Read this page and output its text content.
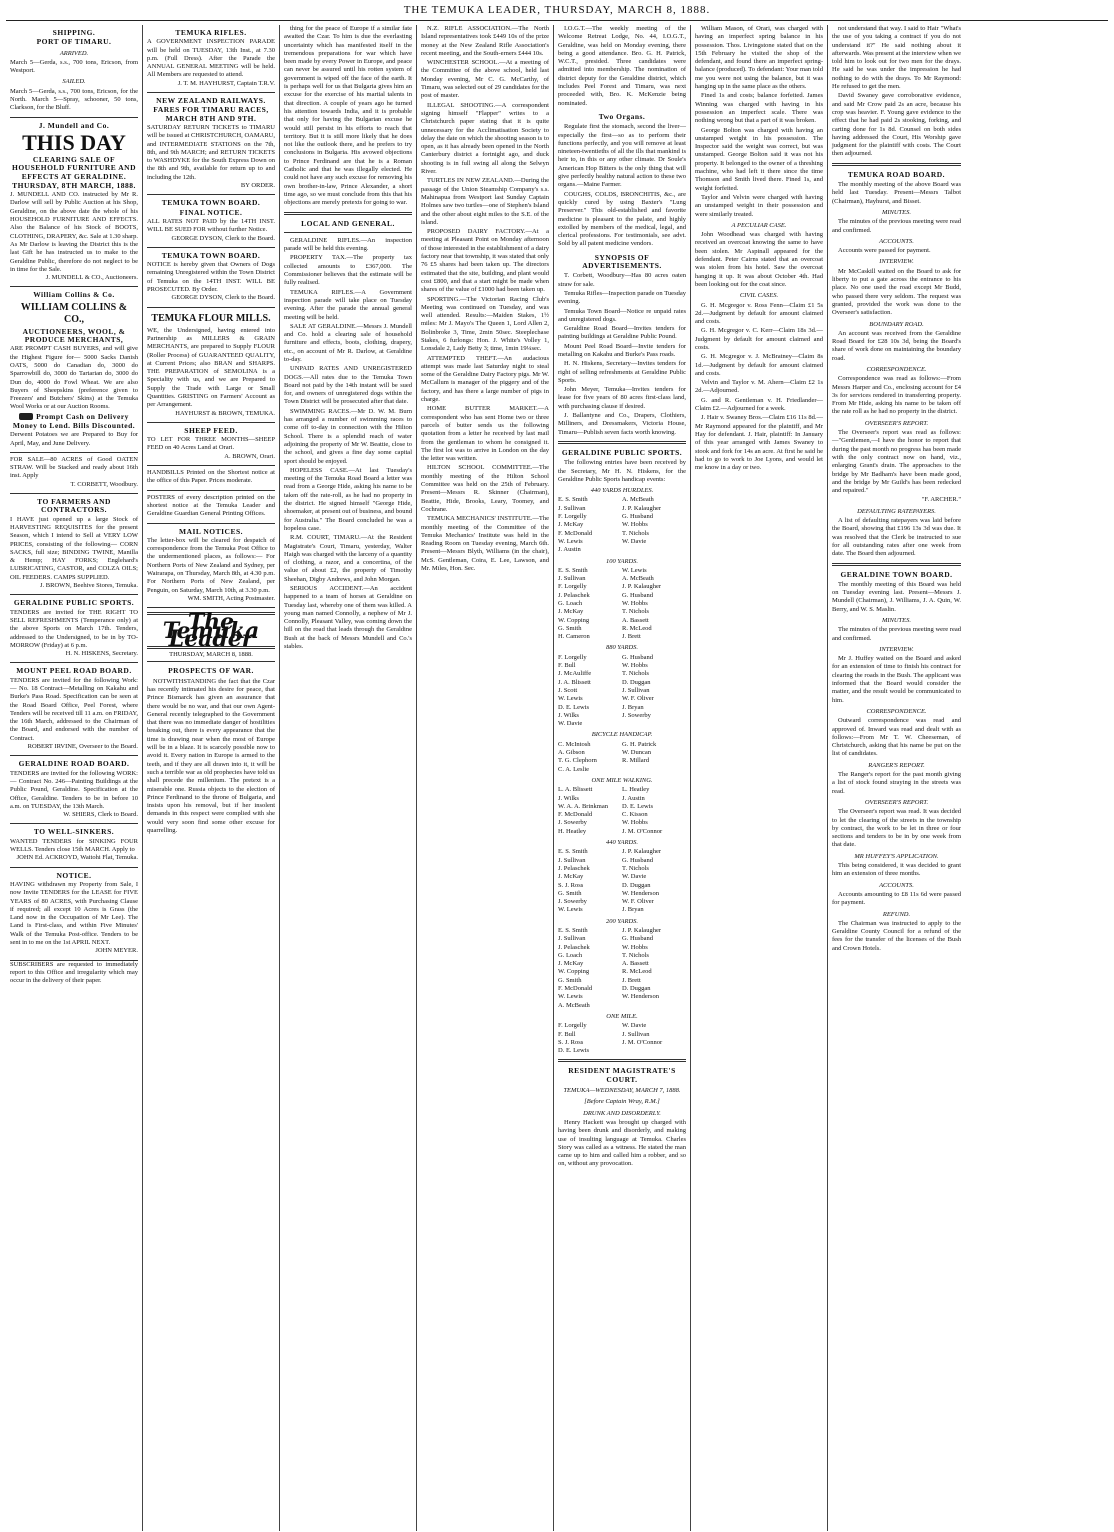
THE TEMUKA LEADER, THURSDAY, MARCH 8, 1888.
SHIPPING.
PORT OF TIMARU.
ARRIVED.

March 5—Gerda, s.s., 700 tons, Ericson, from Westport.

SAILED.

March 5—Gerda, s.s., 700 tons, Ericson, for the North. March 5—Spray, schooner, 50 tons, Clarkson, for the Bluff.

J. Mundell and Co.
THIS DAY
CLEARING SALE OF HOUSEHOLD FURNITURE AND EFFECTS AT GERALDINE.
THURSDAY, 8TH MARCH, 1888.

J. MUNDELL AND CO. instructed by Mr R. Darlow will sell by Public Auction at his Shop, Geraldine, on the above date the whole of his HOUSEHOLD FURNITURE AND EFFECTS. Also the Balance of his Stock of BOOTS, CLOTHING, DRAPERY, &c. Sale at 1.30 sharp. As Mr Darlow is leaving the District this is the last Gift he has instructed us to make to the Geraldine Public, therefore do not neglect to be in time for the Sale.

J. MUNDELL & CO., Auctioneers.
William Collins & Co.
WILLIAM COLLINS & CO.,
AUCTIONEERS, WOOL, & PRODUCE MERCHANTS,

ARE PROMPT CASH BUYERS, and will give the Highest Figure for— 5000 Sacks Danish OATS, 5000 do Canadian do, 3000 do Sparrowbill do, 3000 do Tartarian do, 3000 do Dun do, 4000 do Fowl Wheat. We are also Buyers of Sheepskins (preference given to Freezers' and Butchers' Skins) at the Temuka Wool Works or at our Auction Rooms.

Prompt Cash on Delivery
Money to Lend. Bills Discounted.

Derwent Potatoes we are Prepared to Buy for April, May, and June Delivery.

FOR SALE—80 ACRES of Good OATEN STRAW. Will be Stacked and ready about 16th inst. Apply

T. CORBETT, Woodbury.
TO FARMERS AND CONTRACTORS.

I HAVE just opened up a large Stock of HARVESTING REQUISITES for the present Season, which I intend to Sell at VERY LOW PRICES, consisting of the following— CORN SACKS, full size; BINDING TWINE, Manilla & Hemp; HAY FORKS; Englehard's LUBRICATING, CASTOR, and COLZA OILS; OIL FEEDERS. CAMPS SUPPLIED.

J. BROWN, Beehive Stores, Temuka.
GERALDINE PUBLIC SPORTS.

TENDERS are invited for THE RIGHT TO SELL REFRESHMENTS (Temperance only) at the above Sports on March 17th. Tenders, addressed to the Undersigned, to be in by TO-MORROW (Friday) at 6 p.m.

H. N. HISKENS, Secretary.
MOUNT PEEL ROAD BOARD.

TENDERS are invited for the following Work:— No. 18 Contract—Metalling on Kakahu and Burke's Pass Road. Specification can be seen at the Road Board Office, Peel Forest, where Tenders will be received till 11 a.m. on FRIDAY, the 16th March, addressed to the Chairman of the Board, and endorsed with the number of Contract.

ROBERT IRVINE, Overseer to the Board.
GERALDINE ROAD BOARD.

TENDERS are invited for the following WORK:— Contract No. 246—Painting Buildings at the Public Pound, Geraldine. Specification at the Office, Geraldine. Tenders to be in before 10 a.m. on TUESDAY, the 13th March.

W. SHIERS, Clerk to Board.
TO WELL-SINKERS.

WANTED TENDERS for SINKING FOUR WELLS. Tenders close 15th MARCH. Apply to

JOHN Ed. ACKROYD, Waitohi Flat, Temuka.
NOTICE.

HAVING withdrawn my Property from Sale, I now Invite TENDERS for the LEASE for FIVE YEARS of 80 ACRES, with Purchasing Clause if required; all except 10 Acres is Grass (the Land now in the Occupation of Mr Lee). The Land is First-class, and within Five Minutes' Walk of the Temuka Post-office. Tenders to be sent in to me on the 1st APRIL NEXT.

JOHN MEYER.

SUBSCRIBERS are requested to immediately report to this Office and irregularity which may occur in the delivery of their paper.

TEMUKA RIFLES.

A GOVERNMENT INSPECTION PARADE will be held on TUESDAY, 13th Inst., at 7.30 p.m. (Full Dress). After the Parade the ANNUAL GENERAL MEETING will be held. All Members are requested to attend.

J. T. M. HAYHURST, Captain T.R.V.
NEW ZEALAND RAILWAYS.
FARES FOR TIMARU RACES, MARCH 8TH AND 9TH.

SATURDAY RETURN TICKETS to TIMARU will be issued at CHRISTCHURCH, OAMARU, and INTERMEDIATE STATIONS on the 7th, 8th, and 9th MARCH; and RETURN TICKETS to WASHDYKE for the South Express Down on the 8th and 9th, available for return up to and including the 12th.

BY ORDER.
TEMUKA TOWN BOARD.
FINAL NOTICE.

ALL RATES NOT PAID by the 14TH INST. WILL BE SUED FOR without further Notice.

GEORGE DYSON, Clerk to the Board.
TEMUKA TOWN BOARD.

NOTICE is hereby given that Owners of Dogs remaining Unregistered within the Town District of Temuka on the 14TH INST. WILL BE PROSECUTED. By Order.

GEORGE DYSON, Clerk to the Board.
TEMUKA FLOUR MILLS.

WE, the Undersigned, having entered into Partnership as MILLERS & GRAIN MERCHANTS, are prepared to Supply FLOUR (Roller Process) of GUARANTEED QUALITY, at Current Prices; also BRAN and SHARPS. THE PREPARATION of SEMOLINA is a Speciality with us, and we are Prepared to Supply the Trade with Large or Small Quantities. GRISTING on Farmers' Account as per Arrangement.

HAYHURST & BROWN, TEMUKA.
SHEEP FEED.

TO LET FOR THREE MONTHS—SHEEP FEED on 40 Acres Land at Orari.

A. BROWN, Orari.

HANDBILLS Printed on the Shortest notice at the office of this Paper. Prices moderate.

POSTERS of every description printed on the shortest notice at the Temuka Leader and Geraldine Guardian General Printing Offices.

MAIL NOTICES.

The letter-box will be cleared for despatch of correspondence from the Temuka Post Office to the undermentioned places, as follows:— For Northern Ports of New Zealand and Sydney, per Wairarapa, on Thursday, March 8th, at 4.30 p.m. For Northern Ports of New Zealand, per Penguin, on Saturday, March 10th, at 3.30 p.m.

WM. SMITH, Acting Postmaster.
The Temuka Leader
THURSDAY, MARCH 8, 1888.
PROSPECTS OF WAR.

NOTWITHSTANDING the fact that the Czar has recently intimated his desire for peace, that Prince Bismarck has given an assurance that there would be no war, and that our own Agent-General recently telegraphed to the Government that there was no immediate danger of hostilities breaking out, there is every appearance that the time is drawing near when the most of Europe will be in a blaze. It is scarcely possible now to avoid it. Every nation in Europe is armed to the teeth, and if they are all drawn into it, it will be such a terrible war as old prophecies have told us shall precede the millenium. The pretext is a miserable one. Russia objects to the election of Prince Ferdinand to the throne of Bulgaria, and insists upon his removal, but if her insolent demands in this respect were complied with she would very soon find some other excuse for quarrelling.

thing for the peace of Europe if a similar fate awaited the Czar. To him is due the everlasting uncertainty which has manifested itself in the tremendous preparations for war which have been made by every Power in Europe, and peace can never be assured until his rotten system of government is wiped off the face of the earth. It is perhaps well for us that Bulgaria gives him an excuse for the exercise of his martial talents in that direction. A couple of years ago he turned his attention towards India, and it is probable that only for having the Bulgarian excuse he would still persist in his efforts to reach that territory. But it is still more likely that he does not like the outlook there, and he prefers to try conclusions in Bulgaria. His avowed objections to Prince Ferdinand are that he is a Roman Catholic and that he was illegally elected. He could not have any such excuse for removing his own brother-in-law, Prince Alexander, a short time ago, so we must conclude from this that his objections are merely pretexts for going to war.

LOCAL AND GENERAL.

GERALDINE RIFLES.—An inspection parade will be held this evening.

PROPERTY TAX.—The property tax collected amounts to £367,000. The Commissioner believes that the estimate will be fully realised.

TEMUKA RIFLES.—A Government inspection parade will take place on Tuesday evening. After the parade the annual general meeting will be held.

SALE AT GERALDINE.—Messrs J. Mundell and Co. hold a clearing sale of household furniture and effects, boots, clothing, drapery, etc., on account of Mr R. Darlow, at Geraldine to-day.

UNPAID RATES AND UNREGISTERED DOGS.—All rates due to the Temuka Town Board not paid by the 14th instant will be sued for, and owners of unregistered dogs within the Town District will be prosecuted after that date.

SWIMMING RACES.—Mr D. W. M. Burn has arranged a number of swimming races to come off to-day in connection with the Hilton School. There is a splendid reach of water adjoining the property of Mr W. Beattie, close to the school, and gives a fine day some capital sport should be enjoyed.

HOPELESS CASE.—At last Tuesday's meeting of the Temuka Road Board a letter was read from a George Hide, asking his name to be taken off the rate-roll, as he had no property in the district. He signed himself "George Hide, shoemaker, at present out of business, and bound for Australia." The Board concluded he was a hopeless case.

R.M. COURT, TIMARU.—At the Resident Magistrate's Court, Timaru, yesterday, Walter Haigh was charged with the larceny of a quantity of clothing, a razor, and a concertina, of the value of about £2, the property of Timothy Sheehan, Digby Andrews, and John Morgan.

SERIOUS ACCIDENT.—An accident happened to a team of horses at Geraldine on Tuesday last, whereby one of them was killed. A young man named Connolly, a nephew of Mr J. Connolly, Pleasant Valley, was coming down the hill on the road that leads through the Geraldine Bush at the back of Messrs Mundell and Co.'s stables.

N.Z. RIFLE ASSOCIATION.—The North Island representatives took £449 10s of the prize money at the New Zealand Rifle Association's recent meeting, and the South-erners £444 10s.

WINCHESTER SCHOOL.—At a meeting of the Committee of the above school, held last Monday evening, Mr C. G. McCarthy, of Timaru, was selected out of 29 candidates for the post of master.

ILLEGAL SHOOTING.—A correspondent signing himself "Flapper" writes to a Christchurch paper stating that it is quite unnecessary for the Acclimatisation Society to delay the date on which the shooting season is to open, as it has already been opened in the North Canterbury district a fortnight ago, and duck shooting is in full swing all along the Selwyn River.

TURTLES IN NEW ZEALAND.—During the passage of the Union Steamship Company's s.s. Mahinapua from Westport last Sunday Captain Holmes saw two turtles—one of Stephen's Island and the other about eight miles to the S.E. of the island.

PROPOSED DAIRY FACTORY.—At a meeting at Pleasant Point on Monday afternoon of those interested in the establishment of a dairy factory near that township, it was stated that only 76 £5 shares had been taken up. The directors estimated that the site, building, and plant would cost £800, and that a start might be made when shares of the value of £1000 had been taken up.

SPORTING.—The Victorian Racing Club's Meeting was continued on Tuesday, and was well attended. Results:—Maiden Stakes, 1½ miles: Mr J. Mayo's The Queen 1, Lord Allen 2, Bolinbroke 3, Time, 2min 50sec. Steeplechase Stakes, 6 furlongs: Hon. J. White's Volley 1, Lonsdale 2, Lady Betty 3; time, 1min 19¼sec.

ATTEMPTED THEFT.—An audacious attempt was made last Saturday night to steal some of the Geraldine Dairy Factory pigs. Mr W. McCallum is manager of the piggery and of the factory, and has there a large number of pigs in charge.

HOME BUTTER MARKET.—A correspondent who has sent Home two or three parcels of butter sends us the following quotation from a letter he received by last mail from the gentleman to whom he consigned it. The first lot was to arrive in London on the day the letter was written.

HILTON SCHOOL COMMITTEE.—The monthly meeting of the Hilton School Committee was held on the 25th of February. Present—Messrs R. Skinner (Chairman), Beattie, Hide, Brooks, Leary, Toomey, and Cochrane.

TEMUKA MECHANICS' INSTITUTE.—The monthly meeting of the Committee of the Temuka Mechanics' Institute was held in the Reading Room on Tuesday evening, March 6th. Present—Messrs Blyth, Williams (in the chair), McS. Gentleman, Coira, E. Lee, Lawson, and Mr. Miles, Hon. Sec.

I.O.G.T.—The weekly meeting of the Welcome Retreat Lodge, No. 44, I.O.G.T., Geraldine, was held on Monday evening, there being a good attendance. Bro. G. H. Patrick, W.C.T., presided. Three candidates were admitted into membership. The nomination of district deputy for the Geraldine district, which includes Peel Forest and Timaru, was next proceeded with, Bro. K. McKenzie being nominated.

Two Organs.

Regulate first the stomach, second the liver—especially the first—so as to perform their functions perfectly, and you will remove at least nineteen-twentieths of all the ills that mankind is heir to, in this or any other climate. Dr Soule's American Hop Bitters is the only thing that will give perfectly healthy natural action to these two organs.—Maine Farmer.

COUGHS, COLDS, BRONCHITIS, &c., are quickly cured by using Baxter's "Lung Preserver." This old-established and favorite medicine is pleasant to the palate, and highly extolled by members of the medical, legal, and clerical professions. For testimonials, see advt. Sold by all patent medicine vendors.

SYNOPSIS OF ADVERTISEMENTS.

T. Corbett, Woodbury—Has 80 acres oaten straw for sale.

Temuka Rifles—Inspection parade on Tuesday evening.

Temuka Town Board—Notice re unpaid rates and unregistered dogs.

Geraldine Road Board—Invites tenders for painting buildings at Geraldine Public Pound.

Mount Peel Road Board—Invite tenders for metalling on Kakahu and Burke's Pass roads.

H. N. Hiskens, Secretary—Invites tenders for right of selling refreshments at Geraldine Public Sports.

John Meyer, Temuka—Invites tenders for lease for five years of 80 acres first-class land, with purchasing clause if desired.

J. Ballantyne and Co., Drapers, Clothiers, Milliners, and Dressmakers, Victoria House, Timaru—Publish seven facts worth knowing.

GERALDINE PUBLIC SPORTS.

The following entries have been received by the Secretary, Mr H. N. Hiskens, for the Geraldine Public Sports handicap events:

440 YARDS HURDLES.
E. S. Smith
J. Sullivan
F. Lorgelly
J. McKay
F. McDonald
W. Lewis
J. Austin
A. McBeath
J. P. Kalaugher
G. Husband
W. Hobbs
T. Nichols
W. Davie
100 YARDS.
E. S. Smith
J. Sullivan
F. Lorgelly
J. Pelaschek
G. Loach
J. McKay
W. Copping
G. Smith
H. Cameron
W. Lewis
A. McBeath
J. P. Kalaugher
G. Husband
W. Hobbs
T. Nichols
A. Bassett
R. McLeod
J. Brett
880 YARDS.
F. Lorgelly
F. Bull
J. McAuliffe
J. A. Blissett
J. Scott
W. Lewis
D. E. Lewis
J. Wilks
W. Davie
G. Husband
W. Hobbs
T. Nichols
D. Duggan
J. Sullivan
W. F. Oliver
J. Bryan
J. Sowerby
BICYCLE HANDICAP.
C. McIntosh
A. Gibson
T. G. Clephorn
C. A. Leslie
G. H. Patrick
W. Duncan
R. Millard
ONE MILE WALKING.
L. A. Blissett
J. Wilks
W. A. A. Brinkman
F. McDonald
J. Sowerby
H. Heatley
L. Heatley
J. Austin
D. E. Lewis
C. Kisson
W. Hobbs
J. M. O'Connor
440 YARDS.
E. S. Smith
J. Sullivan
J. Pelaschek
J. McKay
S. J. Ross
G. Smith
J. Sowerby
W. Lewis
J. P. Kalaugher
G. Husband
T. Nichols
W. Davie
D. Duggan
W. Henderson
W. F. Oliver
J. Bryan
200 YARDS.
E. S. Smith
J. Sullivan
J. Pelaschek
G. Loach
J. McKay
W. Copping
G. Smith
F. McDonald
W. Lewis
A. McBeath
J. P. Kalaugher
G. Husband
W. Hobbs
T. Nichols
A. Bassett
R. McLeod
J. Brett
D. Duggan
W. Henderson
ONE MILE.
F. Lorgelly
F. Bull
S. J. Ross
D. E. Lewis
W. Davie
J. Sullivan
J. M. O'Connor
RESIDENT MAGISTRATE'S COURT.
TEMUKA—WEDNESDAY, MARCH 7, 1888.
[Before Captain Wray, R.M.]
DRUNK AND DISORDERLY.

Henry Hackett was brought up charged with having been drunk and disorderly, and making use of insulting language at Temuka. Charles Story was called as a witness. He stated the man came up to him and called him a robber, and so on, without any provocation.

William Mason, of Orari, was charged with having an imperfect spring balance in his possession. Thos. Livingstone stated that on the 15th February he visited the shop of the defendant, and found there an imperfect spring-balance (produced). To defendant: Your man told me you were not using the balance, but it was hanging up in the same place as the others.

Fined 1s and costs; balance forfeited. James Winning was charged with having in his possession an imperfect scale. There was nothing wrong but that a part of it was broken.

George Bolton was charged with having an unstamped weight in his possession. The Inspector said the weight was correct, but was unstamped. George Bolton said it was not his property. It belonged to the owner of a threshing machine, who had left it there since the time Thomson and Smith lived there. Fined 1s, and weight forfeited.

Taylor and Velvin were charged with having an unstamped weight in their possession and were similarly treated.

A PECULIAR CASE.

John Woodhead was charged with having received an overcoat knowing the same to have been stolen. Mr Aspinall appeared for the defendant. Peter Cairns stated that an overcoat was stolen from his hotel. Saw the overcoat hanging it up. It was about October 4th. Had been looking out for the coat since.

CIVIL CASES.

G. H. Mcgregor v. Ross Fenn—Claim £1 5s 2d.—Judgment by default for amount claimed and costs.

G. H. Mcgregor v. C. Kerr—Claim 18s 3d.—Judgment by default for amount claimed and costs.

G. H. Mcgregor v. J. McBratney—Claim 8s 1d.—Judgment by default for amount claimed and costs.

Velvin and Taylor v. M. Ahern—Claim £2 1s 2d.—Adjourned.

G. and R. Gentleman v. H. Friedlander—Claim £2.—Adjourned for a week.

J. Hair v. Swaney Bros.—Claim £16 11s 8d.—Mr Raymond appeared for the plaintiff, and Mr Hay for defendant. J. Hair, plaintiff: In January of this year arranged with James Swaney to stook and fork for 14s an acre. At first he said he had to go to work to Joe Lyons, and would let me know in a day or two.

not understand that way. I said to Hair "What's the use of you taking a contract if you do not understand it?" He said nothing about it afterwards. Was present at the interview when we told him to look out for two men for the drays. He said he was under the impression he had nothing to do with the drays. To Mr Raymond: He refused to get the men.

David Swaney gave corroborative evidence, and said Mr Crow paid 2s an acre, because his crop was heavier. F. Young gave evidence to the effect that he had paid 2s stooking, forking, and carting done for 1s 8d. Counsel on both sides having addressed the Court, His Worship gave judgment for the plaintiff with costs. The Court then adjourned.

TEMUKA ROAD BOARD.

The monthly meeting of the above Board was held last Tuesday. Present—Messrs Talbot (Chairman), Hayhurst, and Bisset.

MINUTES.

The minutes of the previous meeting were read and confirmed.

ACCOUNTS.

Accounts were passed for payment.

INTERVIEW.

Mr McCaskill waited on the Board to ask for liberty to put a gate across the entrance to his place. No one used the road except Mr Budd, who passed there very seldom. The request was granted, provided the work was done to the Overseer's satisfaction.

BOUNDARY ROAD.

An account was received from the Geraldine Road Board for £28 10s 3d, being the Board's share of work done on maintaining the boundary road.

CORRESPONDENCE.

Correspondence was read as follows:—From Messrs Harper and Co., enclosing account for £4 3s for services rendered in transferring property. From Mr Hide, asking his name to be taken off the rate roll as he had no property in the district.

OVERSEER'S REPORT.

The Overseer's report was read as follows:—"Gentlemen,—I have the honor to report that during the past month no progress has been made with the only contract now on hand, viz., enlarging Grant's drain. The approaches to the bridge by Mr Badham's have been made good, and the bridge by Mr Guild's has been redecked and repaired."

"F. ARCHER."
DEFAULTING RATEPAYERS.

A list of defaulting ratepayers was laid before the Board, showing that £196 13s 3d was due. It was resolved that the Clerk be instructed to sue for all outstanding rates after one week from date. The Board then adjourned.

GERALDINE TOWN BOARD.

The monthly meeting of this Board was held on Tuesday evening last. Present—Messrs J. Mundell (Chairman), J. Williams, J. A. Quin, W. Berry, and W. S. Maslin.

MINUTES.

The minutes of the previous meeting were read and confirmed.

INTERVIEW.

Mr J. Huffey waited on the Board and asked for an extension of time to finish his contract for clearing the roads in the Bush. The applicant was informed that the Board would consider the matter, and the result would be communicated to him.

CORRESPONDENCE.

Outward correspondence was read and approved of. Inward was read and dealt with as follows:—From Mr T. W. Cheeseman, of Christchurch, asking that his name be put on the list of candidates.

RANGER'S REPORT.

The Ranger's report for the past month giving a list of stock found straying in the streets was read.

OVERSEER'S REPORT.

The Overseer's report was read. It was decided to let the clearing of the streets in the township by contract, the work to be let in three or four sections and tenders to be in by one week from that date.

MR HUFFEY'S APPLICATION.

This being considered, it was decided to grant him an extension of three months.

ACCOUNTS.

Accounts amounting to £8 11s 6d were passed for payment.

REFUND.

The Chairman was instructed to apply to the Geraldine County Council for a refund of the fees for the transfer of the licenses of the Bush and Crown Hotels.
